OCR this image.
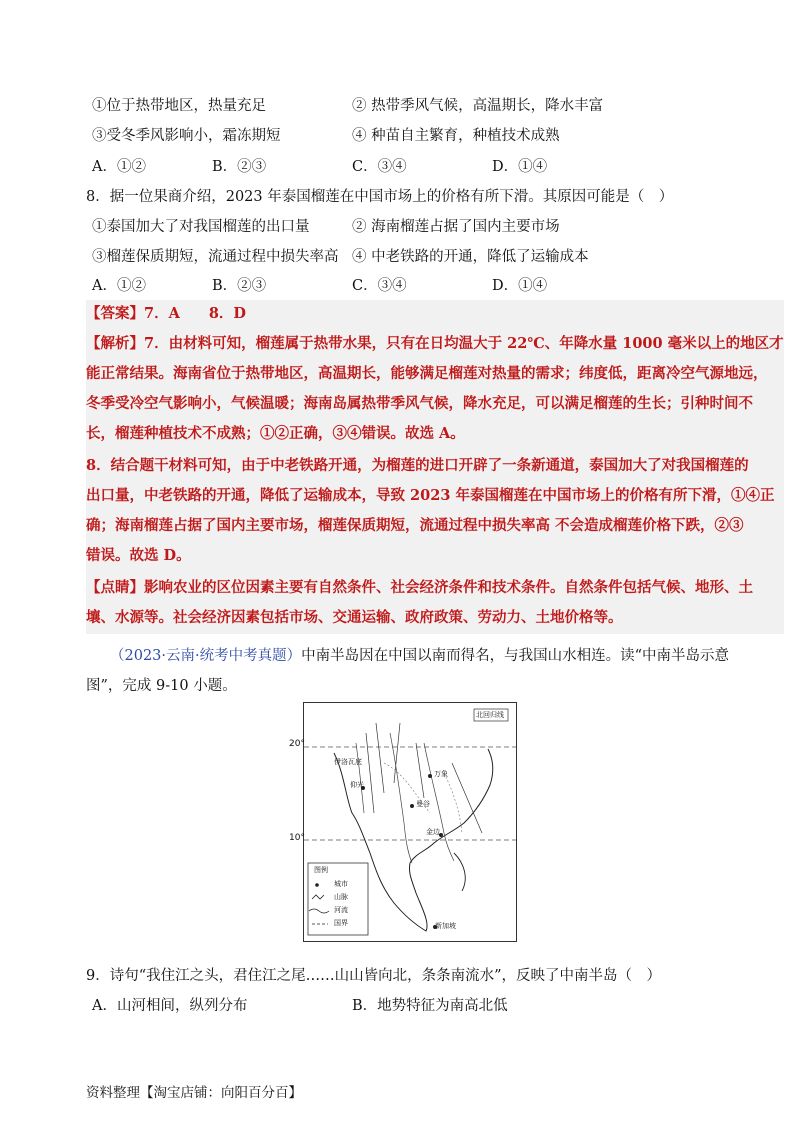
①位于热带地区，热量充足	② 热带季风气候，高温期长，降水丰富
③受冬季风影响小，霜冻期短	④ 种苗自主繁育，种植技术成熟
A．①②	B．②③	C．③④	D．①④
8．据一位果商介绍，2023 年泰国榴莲在中国市场上的价格有所下滑。其原因可能是（　）
①泰国加大了对我国榴莲的出口量	② 海南榴莲占据了国内主要市场
③榴莲保质期短，流通过程中损失率高 ④ 中老铁路的开通，降低了运输成本
A．①②	B．②③	C．③④	D．①④
【答案】7．A　　8．D
【解析】7．由材料可知，榴莲属于热带水果，只有在日均温大于 22℃、年降水量 1000 毫米以上的地区才
能正常结果。海南省位于热带地区，高温期长，能够满足榴莲对热量的需求；纬度低，距离冷空气源地远，
冬季受冷空气影响小，气候温暖；海南岛属热带季风气候，降水充足，可以满足榴莲的生长；引种时间不
长，榴莲种植技术不成熟；①②正确，③④错误。故选 A。
8．结合题干材料可知，由于中老铁路开通，为榴莲的进口开辟了一条新通道，泰国加大了对我国榴莲的
出口量，中老铁路的开通，降低了运输成本，导致 2023 年泰国榴莲在中国市场上的价格有所下滑，①④正
确；海南榴莲占据了国内主要市场，榴莲保质期短，流通过程中损失率高 不会造成榴莲价格下跌，②③
错误。故选 D。
【点睛】影响农业的区位因素主要有自然条件、社会经济条件和技术条件。自然条件包括气候、地形、土
壤、水源等。社会经济因素包括市场、交通运输、政府政策、劳动力、土地价格等。
（2023·云南·统考中考真题）中南半岛因在中国以南而得名，与我国山水相连。读“中南半岛示意
图”，完成 9-10 小题。
20°
10°
北回归线
万象
曼谷
仰光
金边
新加坡
伊洛瓦底
图例
城市
山脉
河流
国界
9．诗句“我住江之头，君住江之尾……山山皆向北，条条南流水”，反映了中南半岛（　）
A．山河相间，纵列分布	B．地势特征为南高北低
资料整理【淘宝店铺：向阳百分百】
